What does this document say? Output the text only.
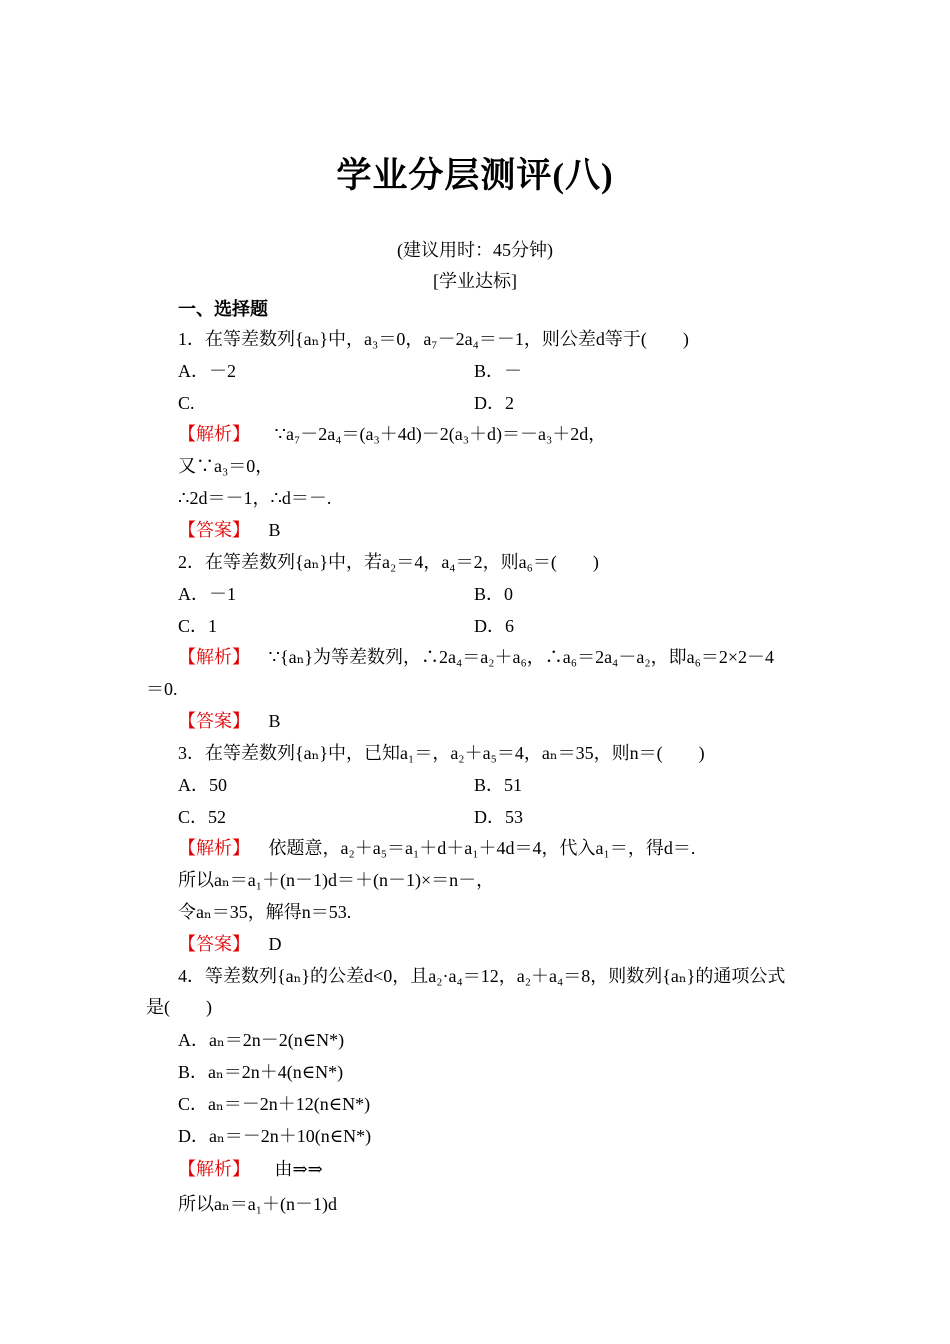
学业分层测评(八)
(建议用时：45分钟)
[学业达标]
一、选择题
1．在等差数列{aₙ}中，a₃＝0，a₇－2a₄＝－1，则公差d等于(　　)
A．－2	B．－
C.	D．2
【解析】 ∵a₇－2a₄＝(a₃＋4d)－2(a₃＋d)＝－a₃＋2d，
又∵a₃＝0，
∴2d＝－1，∴d＝－.
【答案】 B
2．在等差数列{aₙ}中，若a₂＝4，a₄＝2，则a₆＝(　　)
A．－1	B．0
C．1	D．6
【解析】 ∵{aₙ}为等差数列，∴2a₄＝a₂＋a₆，∴a₆＝2a₄－a₂，即a₆＝2×2－4
＝0.
【答案】 B
3．在等差数列{aₙ}中，已知a₁＝，a₂＋a₅＝4，aₙ＝35，则n＝(　　)
A．50	B．51
C．52	D．53
【解析】 依题意，a₂＋a₅＝a₁＋d＋a₁＋4d＝4，代入a₁＝，得d＝.
所以aₙ＝a₁＋(n－1)d＝＋(n－1)×＝n－，
令aₙ＝35，解得n＝53.
【答案】 D
4．等差数列{aₙ}的公差d<0，且a₂·a₄＝12，a₂＋a₄＝8，则数列{aₙ}的通项公式
是(　　)
A．aₙ＝2n－2(n∈N*)
B．aₙ＝2n＋4(n∈N*)
C．aₙ＝－2n＋12(n∈N*)
D．aₙ＝－2n＋10(n∈N*)
【解析】 由⇒⇒
所以aₙ＝a₁＋(n－1)d
